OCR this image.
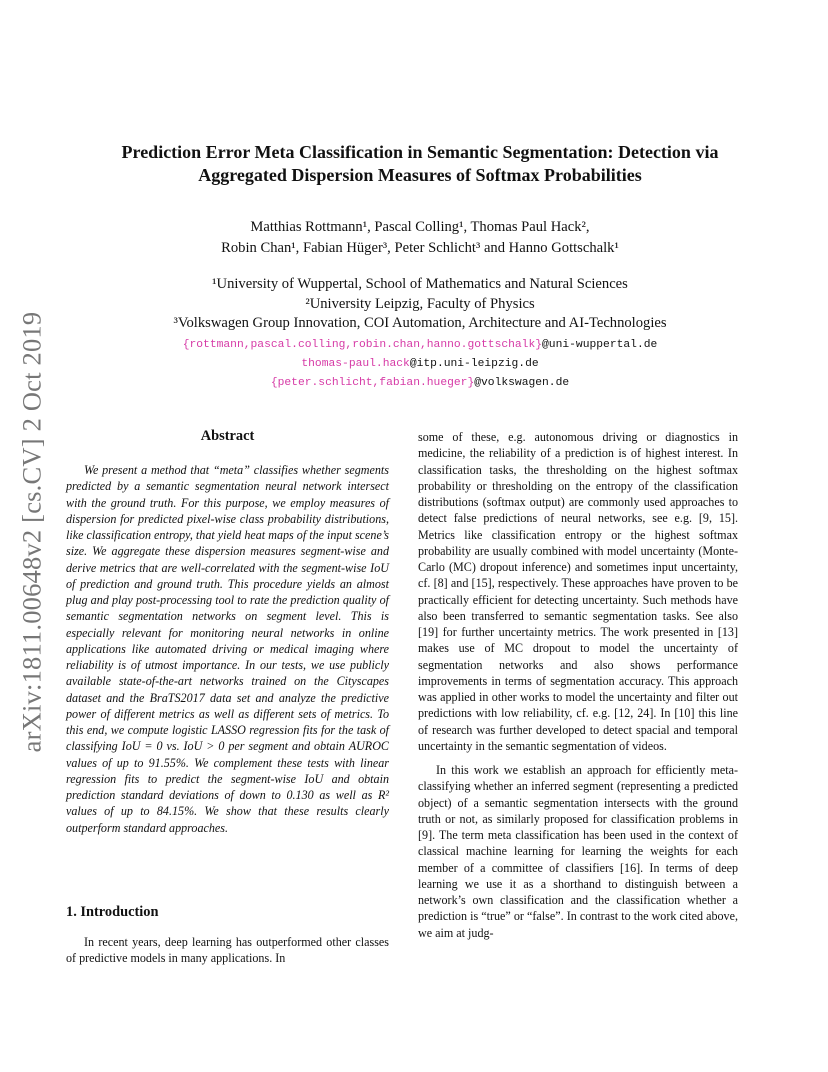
arXiv:1811.00648v2 [cs.CV] 2 Oct 2019
Prediction Error Meta Classification in Semantic Segmentation: Detection via
Aggregated Dispersion Measures of Softmax Probabilities
Matthias Rottmann¹, Pascal Colling¹, Thomas Paul Hack²,
Robin Chan¹, Fabian Hüger³, Peter Schlicht³ and Hanno Gottschalk¹
¹University of Wuppertal, School of Mathematics and Natural Sciences
²University Leipzig, Faculty of Physics
³Volkswagen Group Innovation, COI Automation, Architecture and AI-Technologies
{rottmann,pascal.colling,robin.chan,hanno.gottschalk}@uni-wuppertal.de
thomas-paul.hack@itp.uni-leipzig.de
{peter.schlicht,fabian.hueger}@volkswagen.de
Abstract

We present a method that “meta” classifies whether segments predicted by a semantic segmentation neural network intersect with the ground truth. For this purpose, we employ measures of dispersion for predicted pixel-wise class probability distributions, like classification entropy, that yield heat maps of the input scene’s size. We aggregate these dispersion measures segment-wise and derive metrics that are well-correlated with the segment-wise IoU of prediction and ground truth. This procedure yields an almost plug and play post-processing tool to rate the prediction quality of semantic segmentation networks on segment level. This is especially relevant for monitoring neural networks in online applications like automated driving or medical imaging where reliability is of utmost importance. In our tests, we use publicly available state-of-the-art networks trained on the Cityscapes dataset and the BraTS2017 data set and analyze the predictive power of different metrics as well as different sets of metrics. To this end, we compute logistic LASSO regression fits for the task of classifying IoU = 0 vs. IoU > 0 per segment and obtain AUROC values of up to 91.55%. We complement these tests with linear regression fits to predict the segment-wise IoU and obtain prediction standard deviations of down to 0.130 as well as R² values of up to 84.15%. We show that these results clearly outperform standard approaches.

1. Introduction

In recent years, deep learning has outperformed other classes of predictive models in many applications. In

some of these, e.g. autonomous driving or diagnostics in medicine, the reliability of a prediction is of highest interest. In classification tasks, the thresholding on the highest softmax probability or thresholding on the entropy of the classification distributions (softmax output) are commonly used approaches to detect false predictions of neural networks, see e.g. [9, 15]. Metrics like classification entropy or the highest softmax probability are usually combined with model uncertainty (Monte-Carlo (MC) dropout inference) and sometimes input uncertainty, cf. [8] and [15], respectively. These approaches have proven to be practically efficient for detecting uncertainty. Such methods have also been transferred to semantic segmentation tasks. See also [19] for further uncertainty metrics. The work presented in [13] makes use of MC dropout to model the uncertainty of segmentation networks and also shows performance improvements in terms of segmentation accuracy. This approach was applied in other works to model the uncertainty and filter out predictions with low reliability, cf. e.g. [12, 24]. In [10] this line of research was further developed to detect spacial and temporal uncertainty in the semantic segmentation of videos.

In this work we establish an approach for efficiently meta-classifying whether an inferred segment (representing a predicted object) of a semantic segmentation intersects with the ground truth or not, as similarly proposed for classification problems in [9]. The term meta classification has been used in the context of classical machine learning for learning the weights for each member of a committee of classifiers [16]. In terms of deep learning we use it as a shorthand to distinguish between a network’s own classification and the classification whether a prediction is “true” or “false”. In contrast to the work cited above, we aim at judg-
